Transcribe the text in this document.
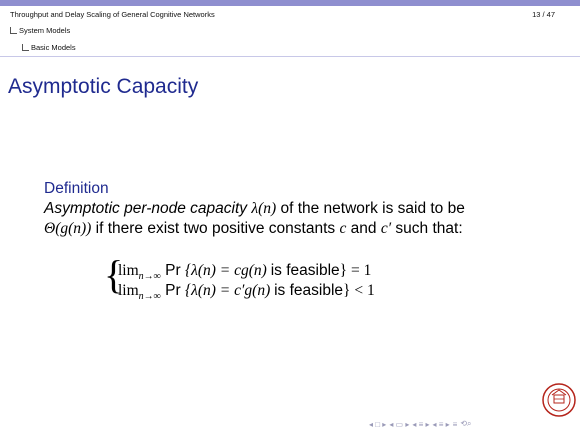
Throughput and Delay Scaling of General Cognitive Networks	13 / 47
System Models
Basic Models
Asymptotic Capacity
Definition
Asymptotic per-node capacity λ(n) of the network is said to be
Θ(g(n)) if there exist two positive constants c and c′ such that:
{
$\lim_{n\to\infty} Pr$ {λ(n) = cg(n) is feasible} = 1
$\lim_{n\to\infty} Pr$ {λ(n) = c′g(n) is feasible} < 1
◂ □ ▸ ◂ ▭ ▸ ◂ ≡ ▸ ◂ ≡ ▸ ≡ ⟲⌕
